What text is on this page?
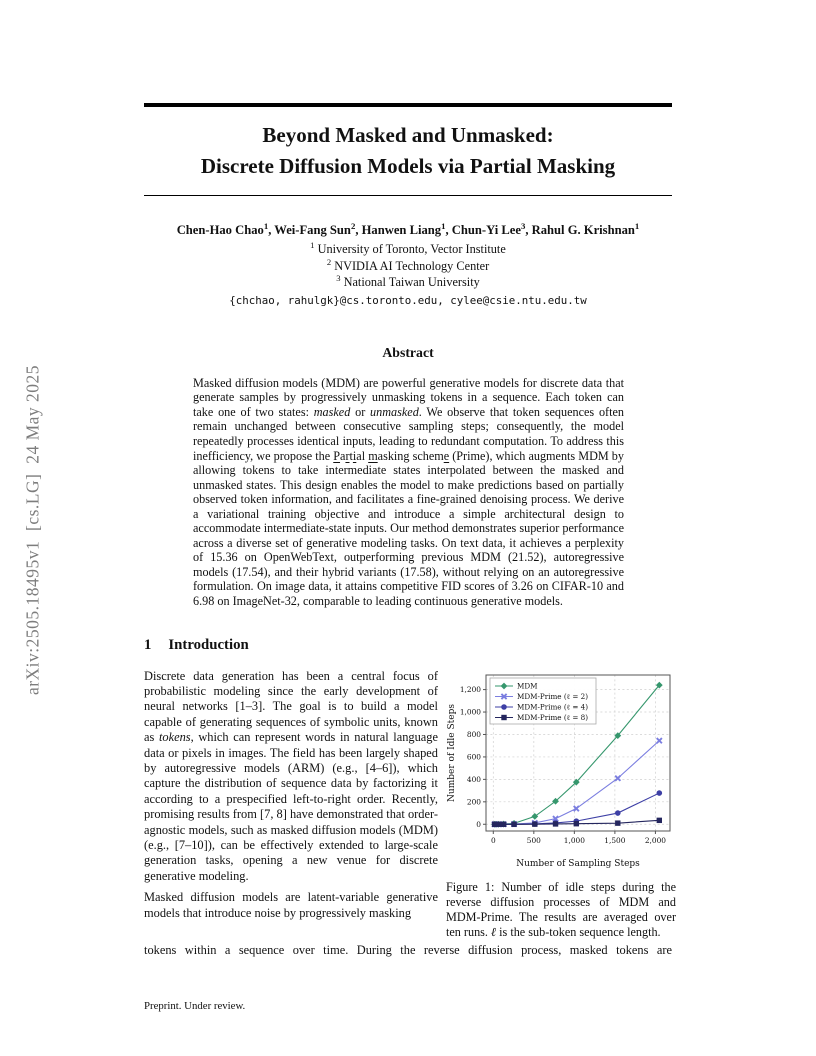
arXiv:2505.18495v1  [cs.LG]  24 May 2025
Beyond Masked and Unmasked:
Discrete Diffusion Models via Partial Masking
Chen-Hao Chao$^1$, Wei-Fang Sun$^2$, Hanwen Liang$^1$, Chun-Yi Lee$^3$, Rahul G. Krishnan$^1$
$^1$ University of Toronto, Vector Institute
$^2$ NVIDIA AI Technology Center
$^3$ National Taiwan University
{chchao, rahulgk}@cs.toronto.edu, cylee@csie.ntu.edu.tw
Abstract

Masked diffusion models (MDM) are powerful generative models for discrete data that generate samples by progressively unmasking tokens in a sequence. Each token can take one of two states: masked or unmasked. We observe that token sequences often remain unchanged between consecutive sampling steps; consequently, the model repeatedly processes identical inputs, leading to redundant computation. To address this inefficiency, we propose the Partial masking scheme (Prime), which augments MDM by allowing tokens to take intermediate states interpolated between the masked and unmasked states. This design enables the model to make predictions based on partially observed token information, and facilitates a fine-grained denoising process. We derive a variational training objective and introduce a simple architectural design to accommodate intermediate-state inputs. Our method demonstrates superior performance across a diverse set of generative modeling tasks. On text data, it achieves a perplexity of 15.36 on OpenWebText, outperforming previous MDM (21.52), autoregressive models (17.54), and their hybrid variants (17.58), without relying on an autoregressive formulation. On image data, it attains competitive FID scores of 3.26 on CIFAR-10 and 6.98 on ImageNet-32, comparable to leading continuous generative models.

1 Introduction

Discrete data generation has been a central focus of probabilistic modeling since the early development of neural networks [1–3]. The goal is to build a model capable of generating sequences of symbolic units, known as tokens, which can represent words in natural language data or pixels in images. The field has been largely shaped by autoregressive models (ARM) (e.g., [4–6]), which capture the distribution of sequence data by factorizing it according to a prespecified left-to-right order. Recently, promising results from [7, 8] have demonstrated that order-agnostic models, such as masked diffusion models (MDM) (e.g., [7–10]), can be effectively extended to large-scale generation tasks, opening a new venue for discrete generative modeling.

Masked diffusion models are latent-variable generative models that introduce noise by progressively masking

0	500	1,000	1,500	2,000
0
200
400
600
800
1,000
1,200
Number of Sampling Steps
Number of Idle Steps
MDM
MDM-Prime (ℓ = 2)
MDM-Prime (ℓ = 4)
MDM-Prime (ℓ = 8)
Figure 1: Number of idle steps during the reverse diffusion processes of MDM and MDM-Prime. The results are averaged over ten runs. ℓ is the sub-token sequence length.

tokens within a sequence over time. During the reverse diffusion process, masked tokens are

Preprint. Under review.
